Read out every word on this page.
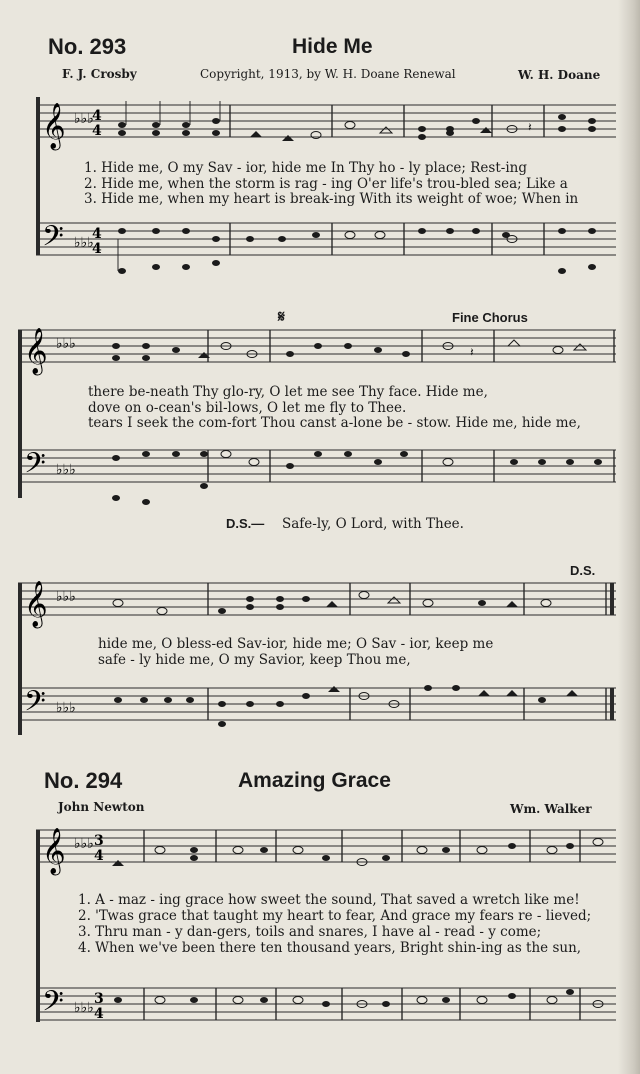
No. 293	Hide Me
F. J. Crosby	Copyright, 1913, by W. H. Doane Renewal	W. H. Doane
𝄞 ♭♭♭
4
4	𝄽
1. Hide me, O my Sav - ior, hide me In Thy ho - ly place; Rest-ing
2. Hide me, when the storm is rag - ing O'er life's trou-bled sea; Like a
3. Hide me, when my heart is break-ing With its weight of woe; When in
𝄢 ♭♭♭
4
4
𝄋	Fine Chorus
𝄞 ♭♭♭	𝄽
there be-neath Thy glo-ry, O let me see Thy face. Hide me,
dove on o-cean's bil-lows, O let me fly to Thee.
tears I seek the com-fort Thou canst a-lone be - stow. Hide me, hide me,
𝄢 ♭♭♭
D.S.— Safe-ly, O Lord, with Thee.
D.S.
𝄞 ♭♭♭
hide me, O bless-ed Sav-ior, hide me; O Sav - ior, keep me
safe - ly hide me, O my Savior, keep Thou me,
𝄢 ♭♭♭
No. 294	Amazing Grace
John Newton	Wm. Walker
𝄞 ♭♭♭ 3
4
1. A - maz - ing grace how sweet the sound, That saved a wretch like me!
2. 'Twas grace that taught my heart to fear, And grace my fears re - lieved;
3. Thru man - y dan-gers, toils and snares, I have al - read - y come;
4. When we've been there ten thousand years, Bright shin-ing as the sun,
𝄢 ♭♭♭
3
4
